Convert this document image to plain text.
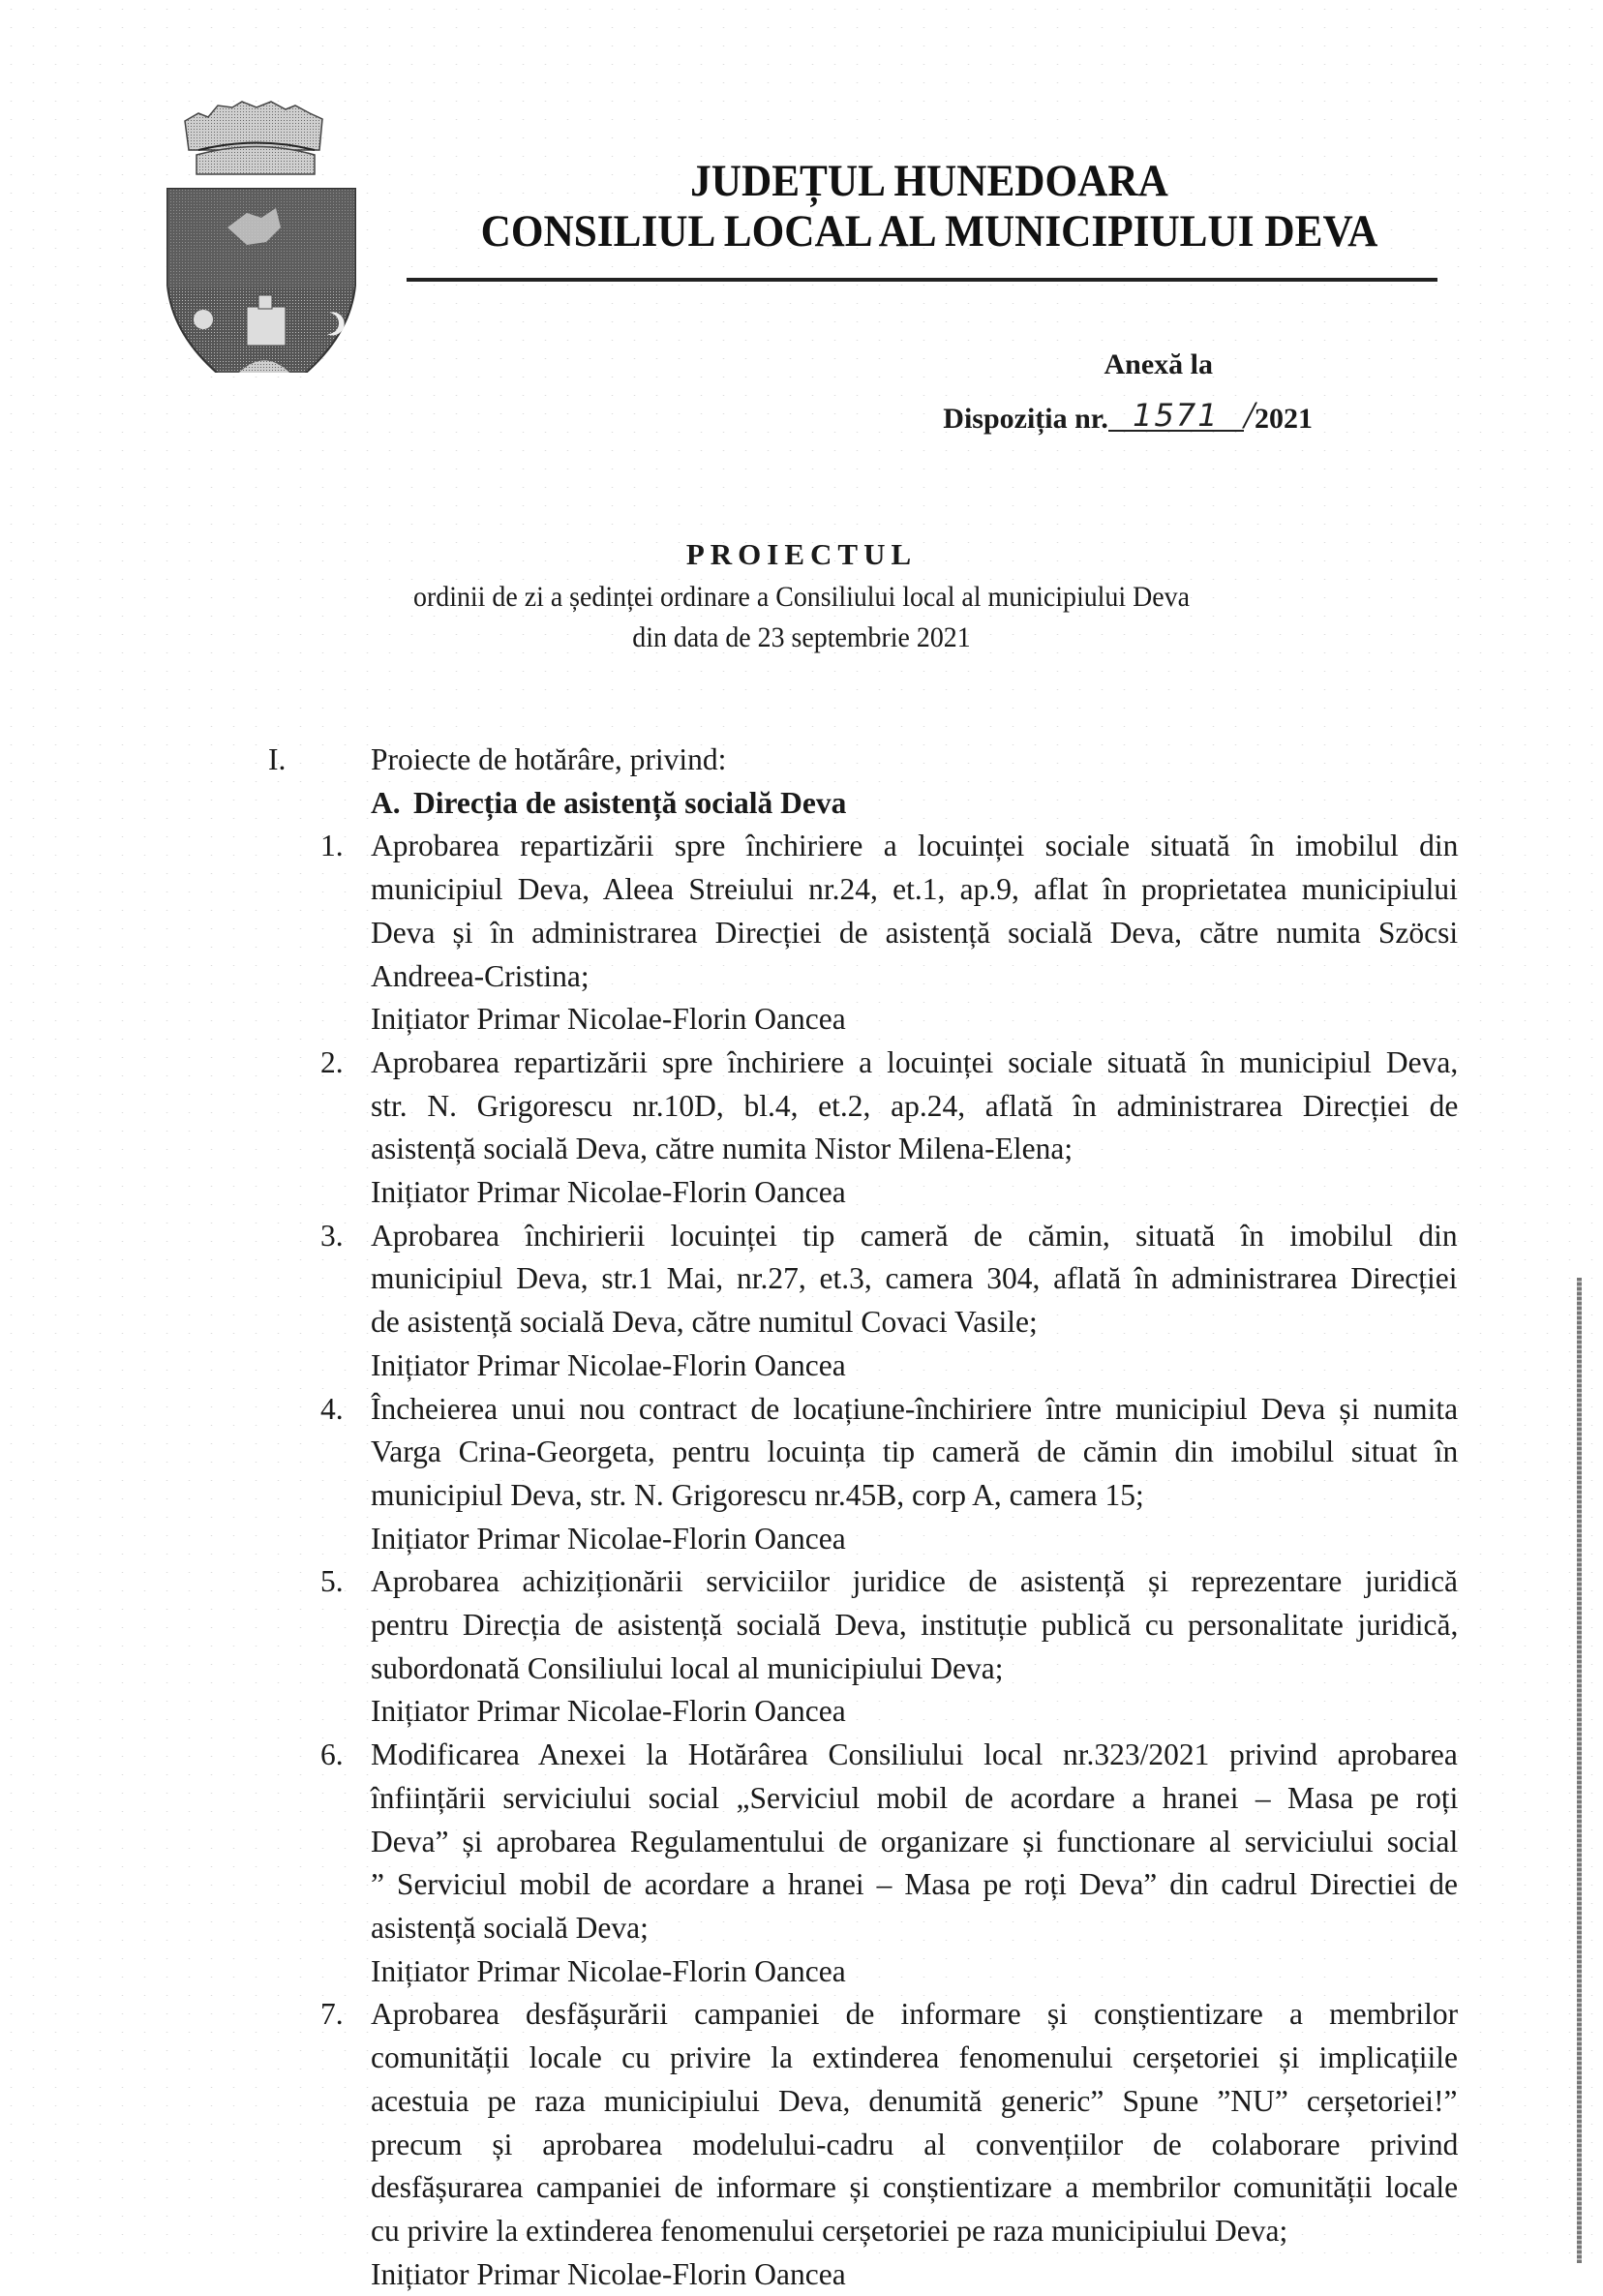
JUDEȚUL HUNEDOARA
CONSILIUL LOCAL AL MUNICIPIULUI DEVA
Anexă la
Dispoziția nr. 1571 /2021
PROIECTUL
ordinii de zi a ședinței ordinare a Consiliului local al municipiului Deva
din data de 23 septembrie 2021
I.	Proiecte de hotărâre, privind:
A. Direcția de asistență socială Deva
1. Aprobarea repartizării spre închiriere a locuinței sociale situată în imobilul din
municipiul Deva, Aleea Streiului nr.24, et.1, ap.9, aflat în proprietatea municipiului
Deva și în administrarea Direcției de asistență socială Deva, către numita Szöcsi
Andreea-Cristina;
Inițiator Primar Nicolae-Florin Oancea
2. Aprobarea repartizării spre închiriere a locuinței sociale situată în municipiul Deva,
str. N. Grigorescu nr.10D, bl.4, et.2, ap.24, aflată în administrarea Direcției de
asistență socială Deva, către numita Nistor Milena-Elena;
Inițiator Primar Nicolae-Florin Oancea
3. Aprobarea închirierii locuinței tip cameră de cămin, situată în imobilul din
municipiul Deva, str.1 Mai, nr.27, et.3, camera 304, aflată în administrarea Direcției
de asistență socială Deva, către numitul Covaci Vasile;
Inițiator Primar Nicolae-Florin Oancea
4. Încheierea unui nou contract de locațiune-închiriere între municipiul Deva și numita
Varga Crina-Georgeta, pentru locuința tip cameră de cămin din imobilul situat în
municipiul Deva, str. N. Grigorescu nr.45B, corp A, camera 15;
Inițiator Primar Nicolae-Florin Oancea
5. Aprobarea achiziționării serviciilor juridice de asistență și reprezentare juridică
pentru Direcția de asistență socială Deva, instituție publică cu personalitate juridică,
subordonată Consiliului local al municipiului Deva;
Inițiator Primar Nicolae-Florin Oancea
6. Modificarea Anexei la Hotărârea Consiliului local nr.323/2021 privind aprobarea
înființării serviciului social „Serviciul mobil de acordare a hranei – Masa pe roți
Deva” și aprobarea Regulamentului de organizare și functionare al serviciului social
” Serviciul mobil de acordare a hranei – Masa pe roți Deva” din cadrul Directiei de
asistență socială Deva;
Inițiator Primar Nicolae-Florin Oancea
7. Aprobarea desfășurării campaniei de informare și conștientizare a membrilor
comunității locale cu privire la extinderea fenomenului cerșetoriei și implicațiile
acestuia pe raza municipiului Deva, denumită generic” Spune ”NU” cerșetoriei!”
precum și aprobarea modelului-cadru al convențiilor de colaborare privind
desfășurarea campaniei de informare și conștientizare a membrilor comunității locale
cu privire la extinderea fenomenului cerșetoriei pe raza municipiului Deva;
Inițiator Primar Nicolae-Florin Oancea
